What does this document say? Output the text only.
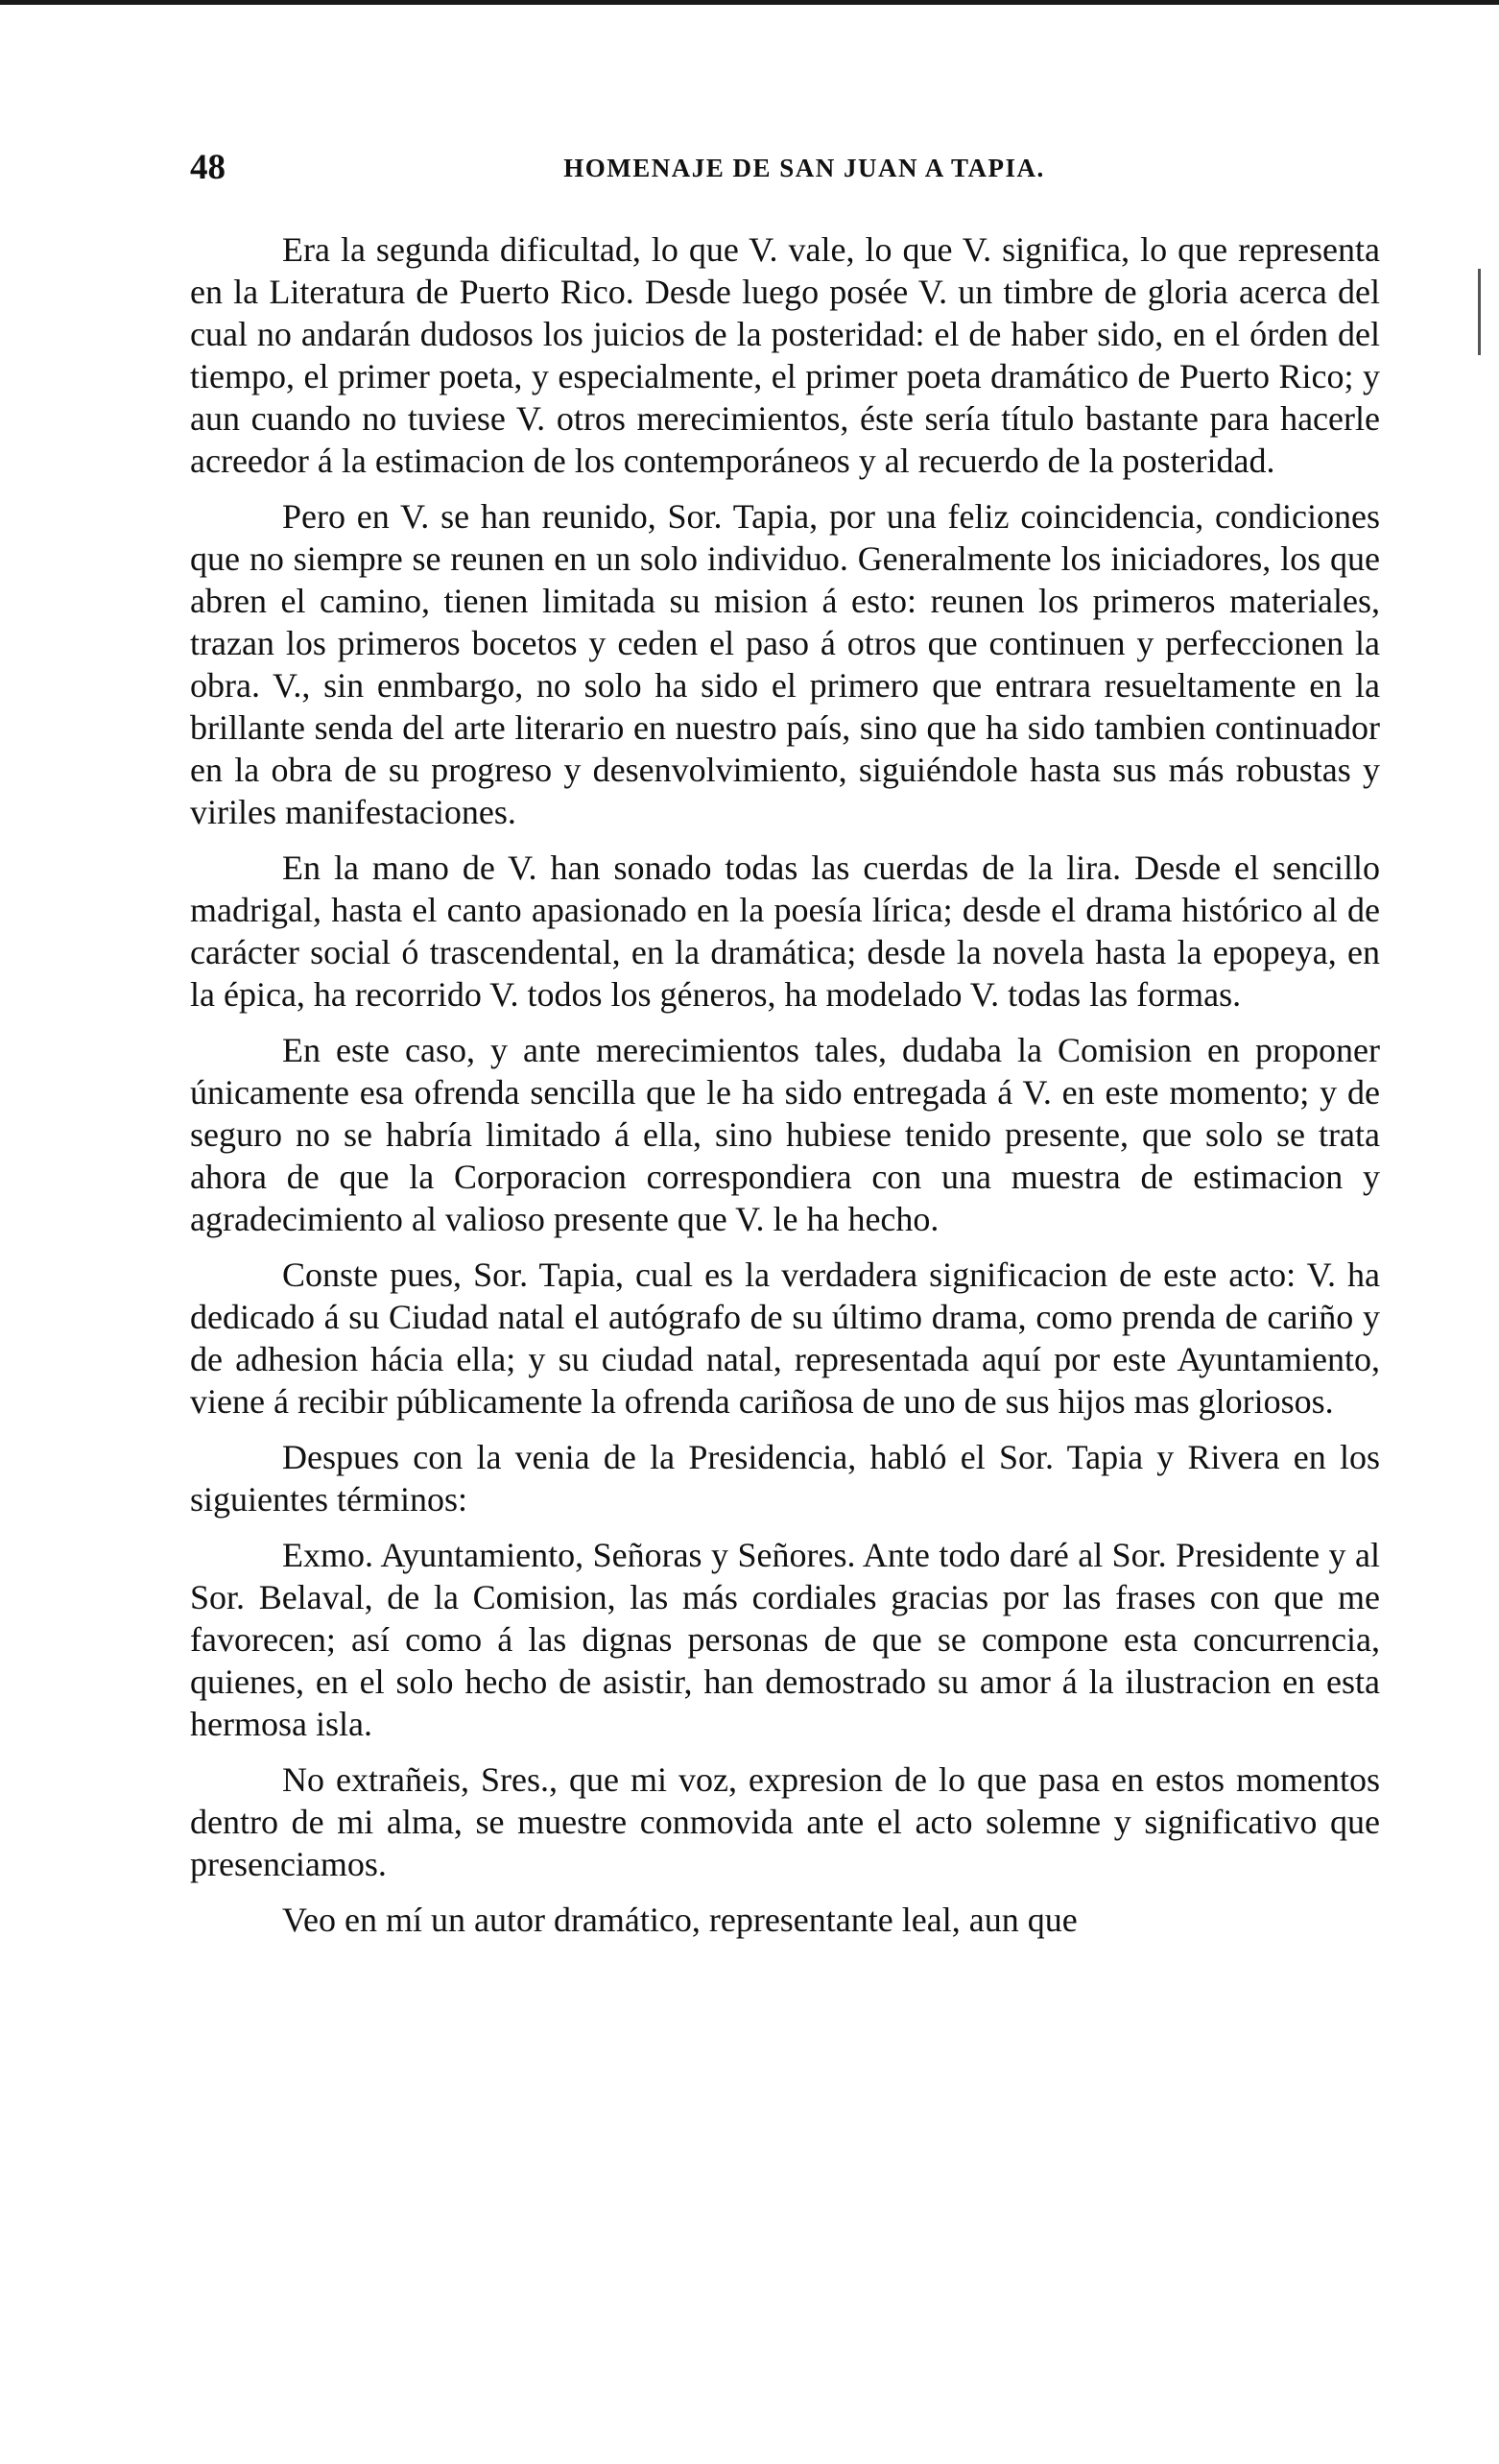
48	HOMENAJE DE SAN JUAN A TAPIA.

Era la segunda dificultad, lo que V. vale, lo que V. significa, lo que representa en la Literatura de Puerto Rico. Desde luego posée V. un timbre de gloria acerca del cual no andarán dudosos los juicios de la posteridad: el de haber sido, en el órden del tiempo, el primer poeta, y especialmente, el primer poeta dramático de Puerto Rico; y aun cuando no tuviese V. otros merecimientos, éste sería título bastante para hacerle acreedor á la estimacion de los contemporáneos y al recuerdo de la posteridad.

Pero en V. se han reunido, Sor. Tapia, por una feliz coincidencia, condiciones que no siempre se reunen en un solo individuo. Generalmente los iniciadores, los que abren el camino, tienen limitada su mision á esto: reunen los primeros materiales, trazan los primeros bocetos y ceden el paso á otros que continuen y perfeccionen la obra. V., sin enmbargo, no solo ha sido el primero que entrara resueltamente en la brillante senda del arte literario en nuestro país, sino que ha sido tambien continuador en la obra de su progreso y desenvolvimiento, siguiéndole hasta sus más robustas y viriles manifestaciones.

En la mano de V. han sonado todas las cuerdas de la lira. Desde el sencillo madrigal, hasta el canto apasionado en la poesía lírica; desde el drama histórico al de carácter social ó trascendental, en la dramática; desde la novela hasta la epopeya, en la épica, ha recorrido V. todos los géneros, ha modelado V. todas las formas.

En este caso, y ante merecimientos tales, dudaba la Comision en proponer únicamente esa ofrenda sencilla que le ha sido entregada á V. en este momento; y de seguro no se habría limitado á ella, sino hubiese tenido presente, que solo se trata ahora de que la Corporacion correspondiera con una muestra de estimacion y agradecimiento al valioso presente que V. le ha hecho.

Conste pues, Sor. Tapia, cual es la verdadera significacion de este acto: V. ha dedicado á su Ciudad natal el autógrafo de su último drama, como prenda de cariño y de adhesion hácia ella; y su ciudad natal, representada aquí por este Ayuntamiento, viene á recibir públicamente la ofrenda cariñosa de uno de sus hijos mas gloriosos.

Despues con la venia de la Presidencia, habló el Sor. Tapia y Rivera en los siguientes términos:

Exmo. Ayuntamiento, Señoras y Señores. Ante todo daré al Sor. Presidente y al Sor. Belaval, de la Comision, las más cordiales gracias por las frases con que me favorecen; así como á las dignas personas de que se compone esta concurrencia, quienes, en el solo hecho de asistir, han demostrado su amor á la ilustracion en esta hermosa isla.

No extrañeis, Sres., que mi voz, expresion de lo que pasa en estos momentos dentro de mi alma, se muestre conmovida ante el acto solemne y significativo que presenciamos.

Veo en mí un autor dramático, representante leal, aun que
